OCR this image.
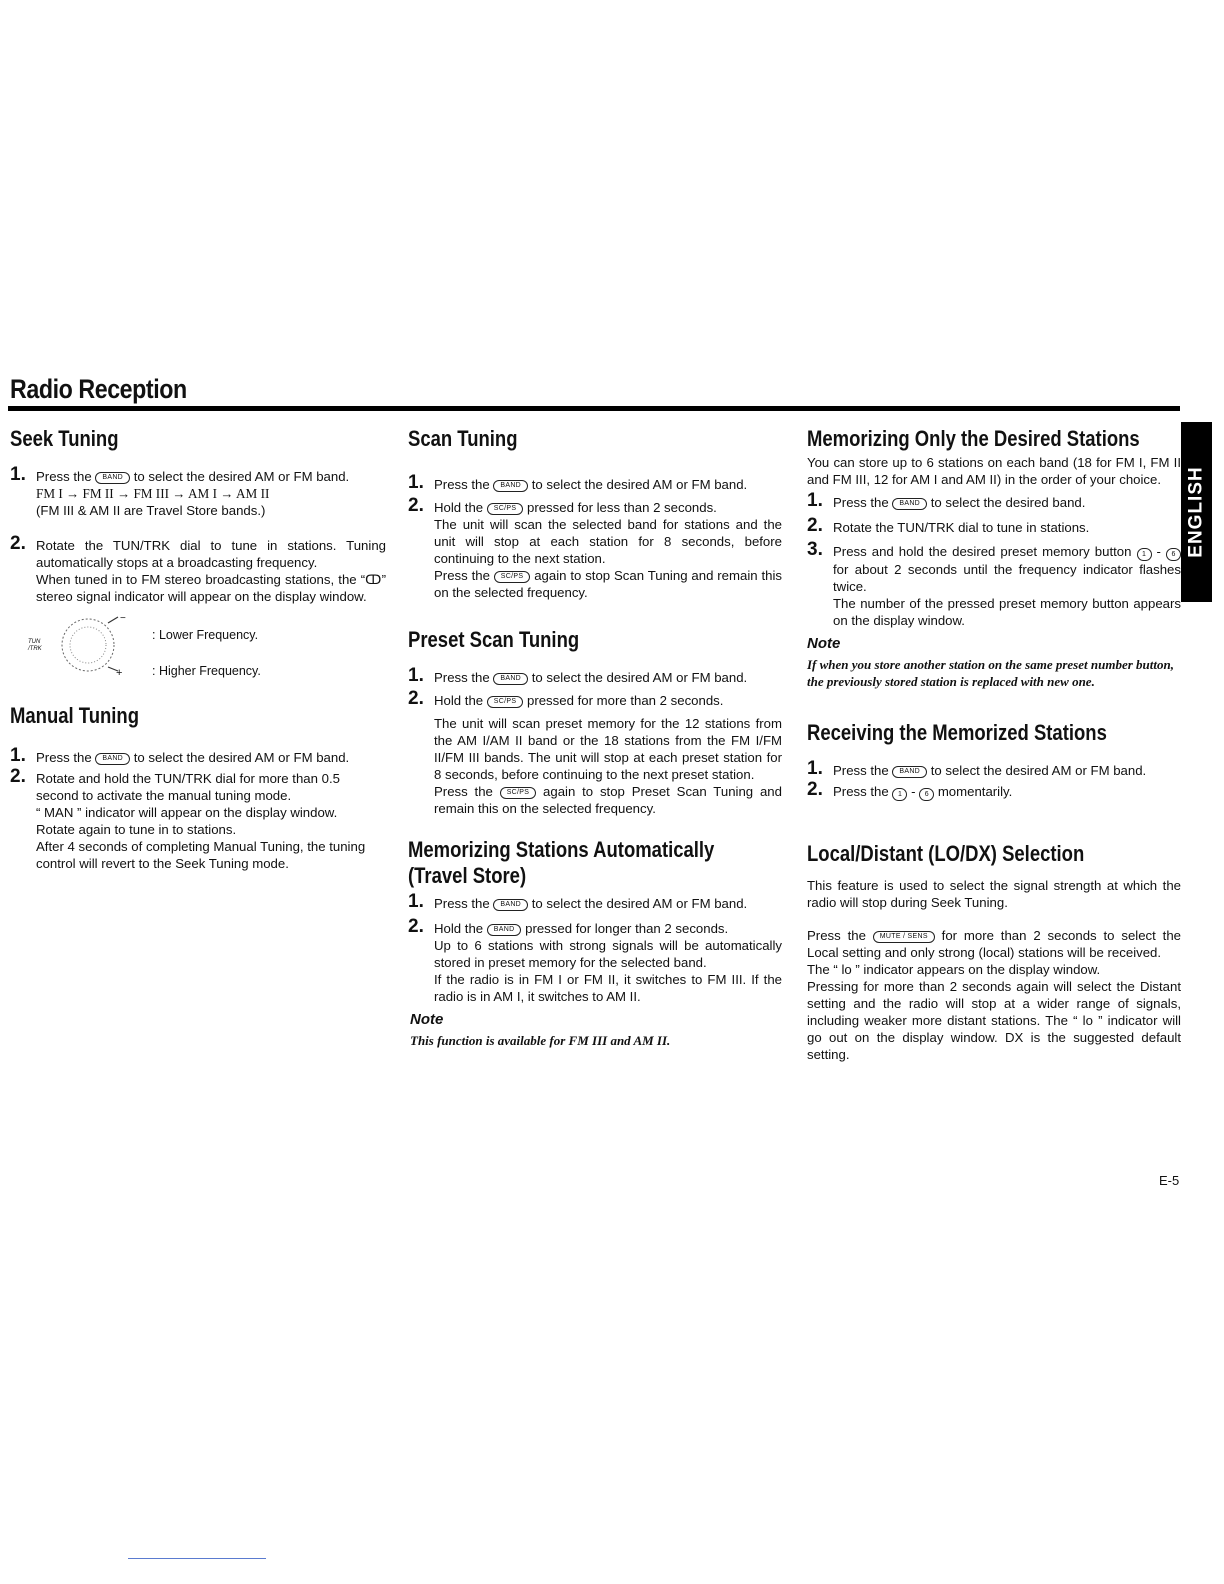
Radio Reception
ENGLISH
Seek Tuning
1. Press the BAND to select the desired AM or FM band.

FM I → FM II → FM III → AM I → AM II

(FM III & AM II are Travel Store bands.)

2. Rotate the TUN/TRK dial to tune in stations. Tuning automatically stops at a broadcasting frequency.

When tuned in to FM stereo broadcasting stations, the “ↀ” stereo signal indicator will appear on the display window.

−
+
TUN /TRK
: Lower Frequency.
: Higher Frequency.
Manual Tuning
1. Press the BAND to select the desired AM or FM band.

2. Rotate and hold the TUN/TRK dial for more than 0.5 second to activate the manual tuning mode.

“ MAN ” indicator will appear on the display window.

Rotate again to tune in to stations.

After 4 seconds of completing Manual Tuning, the tuning control will revert to the Seek Tuning mode.

Scan Tuning
1. Press the BAND to select the desired AM or FM band.

2. Hold the SC/PS pressed for less than 2 seconds.

The unit will scan the selected band for stations and the unit will stop at each station for 8 seconds, before continuing to the next station.

Press the SC/PS again to stop Scan Tuning and remain this on the selected frequency.

Preset Scan Tuning
1. Press the BAND to select the desired AM or FM band.

2. Hold the SC/PS pressed for more than 2 seconds.

The unit will scan preset memory for the 12 stations from the AM I/AM II band or the 18 stations from the FM I/FM II/FM III bands. The unit will stop at each preset station for 8 seconds, before continuing to the next preset station.

Press the SC/PS again to stop Preset Scan Tuning and remain this on the selected frequency.

Memorizing Stations Automatically
(Travel Store)
1. Press the BAND to select the desired AM or FM band.

2. Hold the BAND pressed for longer than 2 seconds.

Up to 6 stations with strong signals will be automatically stored in preset memory for the selected band.

If the radio is in FM I or FM II, it switches to FM III. If the radio is in AM I, it switches to AM II.

Note
This function is available for FM III and AM II.
Memorizing Only the Desired Stations

You can store up to 6 stations on each band (18 for FM I, FM II and FM III, 12 for AM I and AM II) in the order of your choice.

1. Press the BAND to select the desired band.

2. Rotate the TUN/TRK dial to tune in stations.

3. Press and hold the desired preset memory button 1 - 6 for about 2 seconds until the frequency indicator flashes twice.

The number of the pressed preset memory button appears on the display window.

Note
If when you store another station on the same preset number button, the previously stored station is replaced with new one.
Receiving the Memorized Stations
1. Press the BAND to select the desired AM or FM band.

2. Press the 1 - 6 momentarily.

Local/Distant (LO/DX) Selection

This feature is used to select the signal strength at which the radio will stop during Seek Tuning.

Press the MUTE / SENS for more than 2 seconds to select the Local setting and only strong (local) stations will be received.

The “ lo ” indicator appears on the display window.

Pressing for more than 2 seconds again will select the Distant setting and the radio will stop at a wider range of signals, including weaker more distant stations. The “ lo ” indicator will go out on the display window. DX is the suggested default setting.

E-5
